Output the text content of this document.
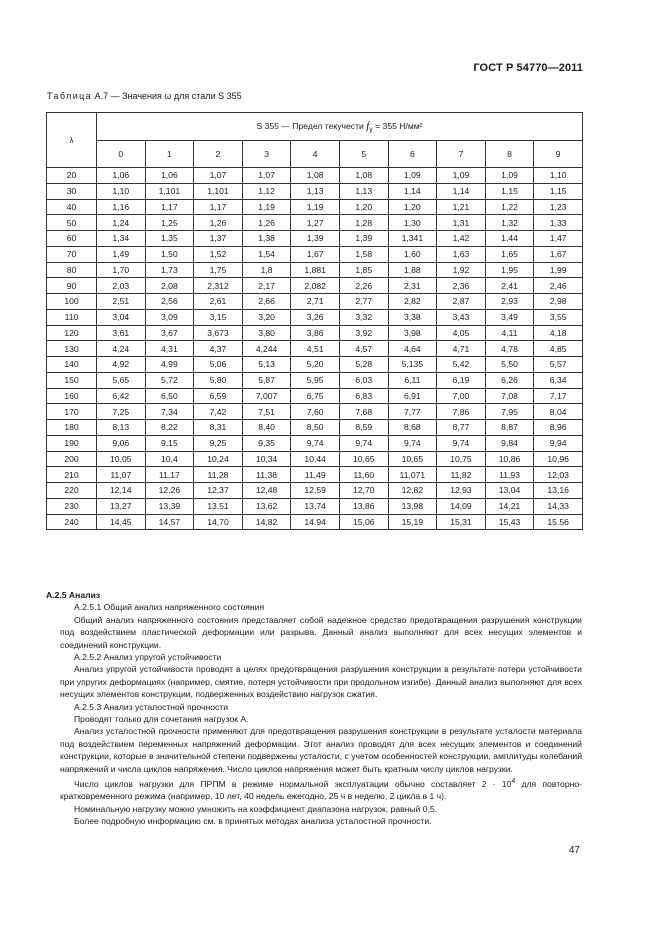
ГОСТ Р 54770—2011
Таблица А.7 — Значения ω для стали S 355
λ	S 355 — Предел текучести $f_y = 355$ Н/мм²									
	0	1	2	3	4	5	6	7	8	9
20	1,06	1,06	1,07	1,07	1,08	1,08	1,09	1,09	1,09	1,10
30	1,10	1,101	1,101	1,12	1,13	1,13	1,14	1,14	1,15	1,15
40	1,16	1,17	1,17	1,19	1,19	1,20	1,20	1,21	1,22	1,23
50	1,24	1,25	1,26	1,26	1,27	1,28	1,30	1,31	1,32	1,33
60	1,34	1,35	1,37	1,38	1,39	1,39	1,341	1,42	1,44	1,47
70	1,49	1,50	1,52	1,54	1,67	1,58	1,60	1,63	1,65	1,67
80	1,70	1,73	1,75	1,8	1,881	1,85	1,88	1,92	1,95	1,99
90	2,03	2,08	2,312	2,17	2,082	2,26	2,31	2,36	2,41	2,46
100	2,51	2,56	2,61	2,66	2,71	2,77	2,82	2,87	2,93	2,98
110	3,04	3,09	3,15	3,20	3,26	3,32	3,38	3,43	3,49	3,55
120	3,61	3,67	3,673	3,80	3,86	3,92	3,98	4,05	4,11	4,18
130	4,24	4,31	4,37	4,244	4,51	4,57	4,64	4,71	4,78	4,85
140	4,92	4,99	5,06	5,13	5,20	5,28	5,135	5,42	5,50	5,57
150	5,65	5,72	5,80	5,87	5,95	6,03	6,11	6,19	6,26	6,34
160	6,42	6,50	6,59	7,007	6,75	6,83	6,91	7,00	7,08	7,17
170	7,25	7,34	7,42	7,51	7,60	7,68	7,77	7,86	7,95	8,04
180	8,13	8,22	8,31	8,40	8,50	8,59	8,68	8,77	8,87	8,96
190	9,06	9,15	9,25	9,35	9,74	9,74	9,74	9,74	9,84	9,94
200	10,05	10,4	10,24	10,34	10.44	10,65	10,65	10,75	10,86	10,96
210	11,07	11,17	11,28	11,38	11,49	11,60	11,071	11,82	11,93	12,03
220	12,14	12,26	12,37	12,48	12,59	12,70	12,82	12,93	13,04	13,16
230	13,27	13,39	13,51	13,62	13,74	13,86	13,98	14,09	14,21	14,33
240	14,45	14,57	14,70	14,82	14.94	15,06	15,19	15,31	15,43	15.56

А.2.5 Анализ

А.2.5.1 Общий анализ напряженного состояния

Общий анализ напряженного состояния представляет собой надежное средство предотвращения разрушения конструкции под воздействием пластической деформации или разрыва. Данный анализ выполняют для всех несущих элементов и соединений конструкции.

А.2.5.2 Анализ упругой устойчивости

Анализ упругой устойчивости проводят в целях предотвращения разрушения конструкции в результате потери устойчивости при упругих деформациях (например, смятие, потеря устойчивости при продольном изгибе). Данный анализ выполняют для всех несущих элементов конструкции, подверженных воздействию нагрузок сжатия.

А.2.5.3 Анализ усталостной прочности

Проводят только для сочетания нагрузок А.

Анализ усталостной прочности применяют для предотвращения разрушения конструкции в результате усталости материала под воздействием переменных напряжений деформации. Этот анализ проводят для всех несущих элементов и соединений конструкции, которые в значительной степени подвержены усталости, с учетом особенностей конструкции, амплитуды колебаний напряжений и числа циклов напряжения. Число циклов напряжения может быть кратным числу циклов нагрузки.

Число циклов нагрузки для ПРПМ в режиме нормальной эксплуатации обычно составляет $2 \cdot 10^4$ для повторно-кратковременного режима (например, 10 лет, 40 недель ежегодно, 25 ч в неделю, 2 цикла в 1 ч).

Номинальную нагрузку можно умножить на коэффициент диапазона нагрузок, равный 0,5.

Более подробную информацию см. в принятых методах анализа усталостной прочности.

47
